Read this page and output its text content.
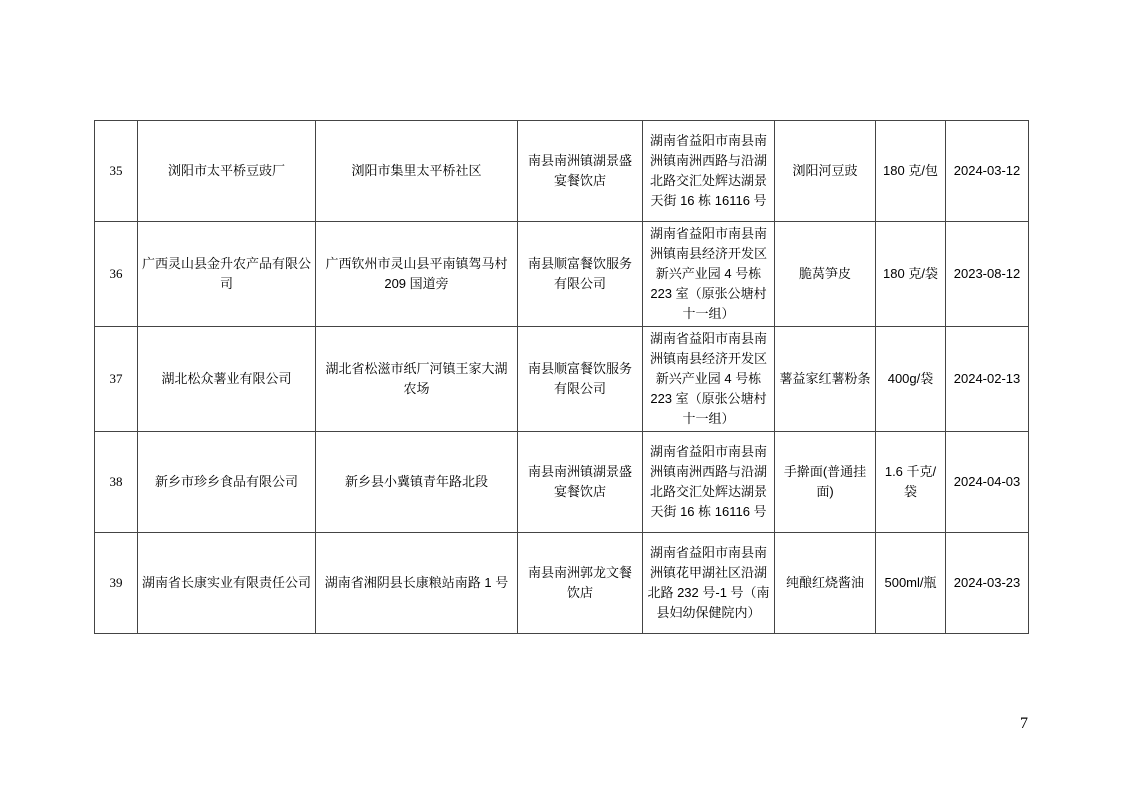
35	浏阳市太平桥豆豉厂	浏阳市集里太平桥社区	南县南洲镇湖景盛宴餐饮店	湖南省益阳市南县南洲镇南洲西路与沿湖北路交汇处辉达湖景天街 16 栋 16116 号	浏阳河豆豉	180 克/包	2024-03-12
36	广西灵山县金升农产品有限公司	广西钦州市灵山县平南镇驾马村 209 国道旁	南县顺富餐饮服务有限公司	湖南省益阳市南县南洲镇南县经济开发区新兴产业园 4 号栋 223 室（原张公塘村十一组）	脆莴笋皮	180 克/袋	2023-08-12
37	湖北松众薯业有限公司	湖北省松滋市纸厂河镇王家大湖农场	南县顺富餐饮服务有限公司	湖南省益阳市南县南洲镇南县经济开发区新兴产业园 4 号栋 223 室（原张公塘村十一组）	薯益家红薯粉条	400g/袋	2024-02-13
38	新乡市珍乡食品有限公司	新乡县小冀镇青年路北段	南县南洲镇湖景盛宴餐饮店	湖南省益阳市南县南洲镇南洲西路与沿湖北路交汇处辉达湖景天街 16 栋 16116 号	手擀面(普通挂面)	1.6 千克/袋	2024-04-03
39	湖南省长康实业有限责任公司	湖南省湘阴县长康粮站南路 1 号	南县南洲郭龙文餐饮店	湖南省益阳市南县南洲镇花甲湖社区沿湖北路 232 号-1 号（南县妇幼保健院内）	纯酿红烧酱油	500ml/瓶	2024-03-23
7
